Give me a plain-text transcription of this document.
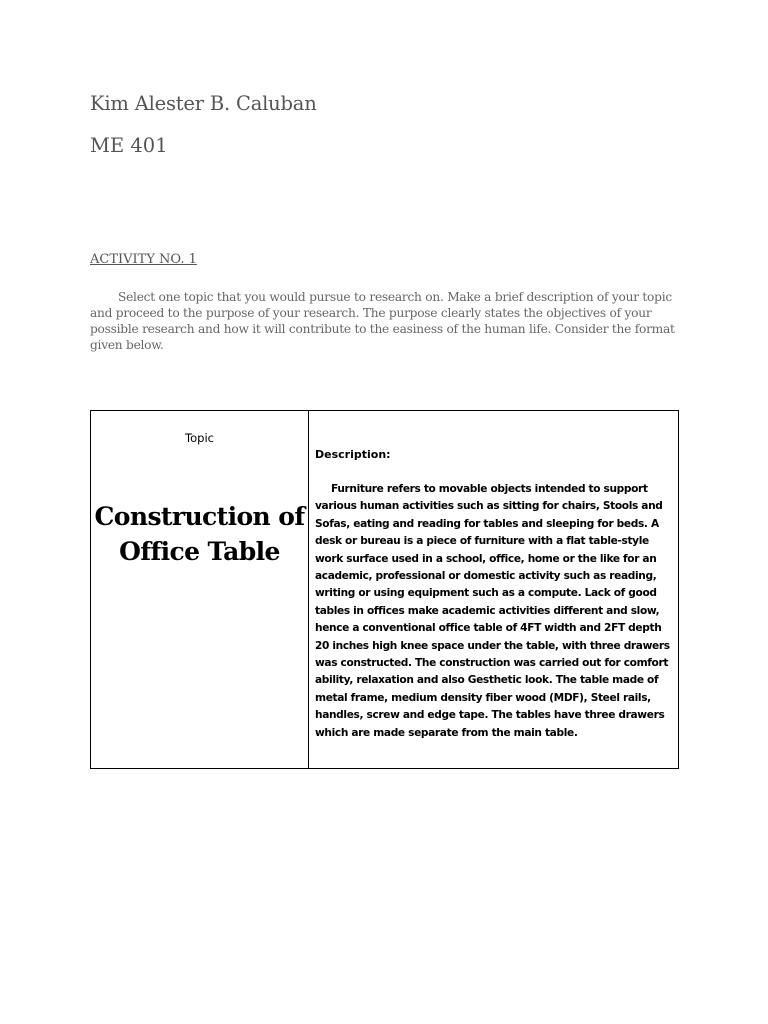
Kim Alester B. Caluban
ME 401
ACTIVITY NO. 1

Select one topic that you would pursue to research on. Make a brief description of your topic and proceed to the purpose of your research. The purpose clearly states the objectives of your possible research and how it will contribute to the easiness of the human life. Consider the format given below.

Topic
Construction of Office Table
Description:

Furniture refers to movable objects intended to support various human activities such as sitting for chairs, Stools and Sofas, eating and reading for tables and sleeping for beds. A desk or bureau is a piece of furniture with a flat table-style work surface used in a school, office, home or the like for an academic, professional or domestic activity such as reading, writing or using equipment such as a compute. Lack of good tables in offices make academic activities different and slow, hence a conventional office table of 4FT width and 2FT depth 20 inches high knee space under the table, with three drawers was constructed. The construction was carried out for comfort ability, relaxation and also Gesthetic look. The table made of metal frame, medium density fiber wood (MDF), Steel rails, handles, screw and edge tape. The tables have three drawers which are made separate from the main table.
